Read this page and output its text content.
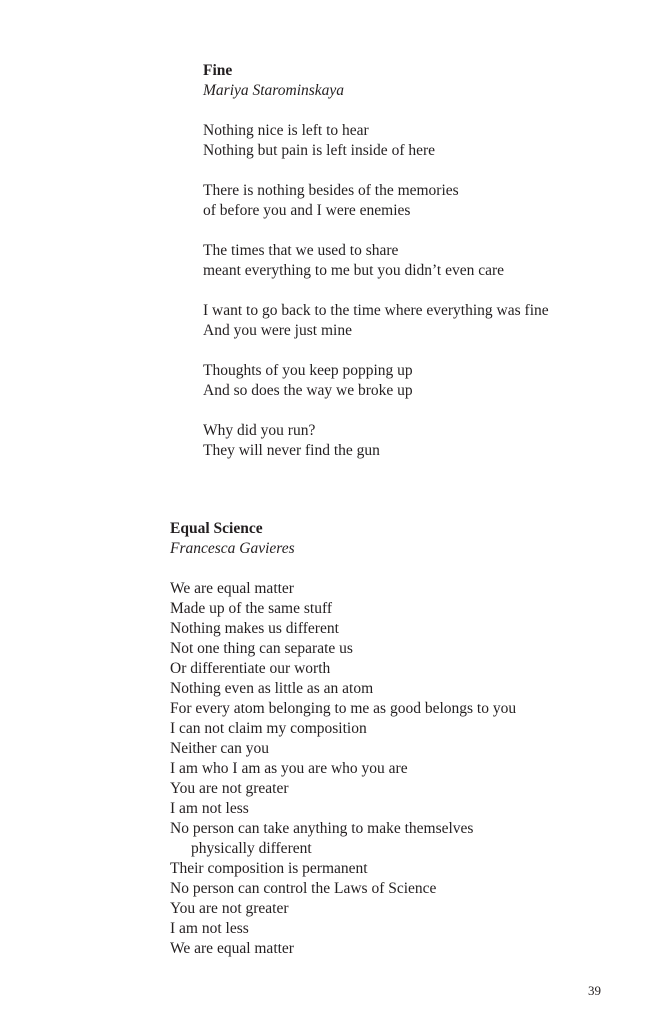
Fine
Mariya Starominskaya
Nothing nice is left to hear
Nothing but pain is left inside of here
There is nothing besides of the memories
of before you and I were enemies
The times that we used to share
meant everything to me but you didn’t even care
I want to go back to the time where everything was fine
And you were just mine
Thoughts of you keep popping up
And so does the way we broke up
Why did you run?
They will never find the gun
Equal Science
Francesca Gavieres
We are equal matter
Made up of the same stuff
Nothing makes us different
Not one thing can separate us
Or differentiate our worth
Nothing even as little as an atom
For every atom belonging to me as good belongs to you
I can not claim my composition
Neither can you
I am who I am as you are who you are
You are not greater
I am not less
No person can take anything to make themselves
physically different
Their composition is permanent
No person can control the Laws of Science
You are not greater
I am not less
We are equal matter
39
